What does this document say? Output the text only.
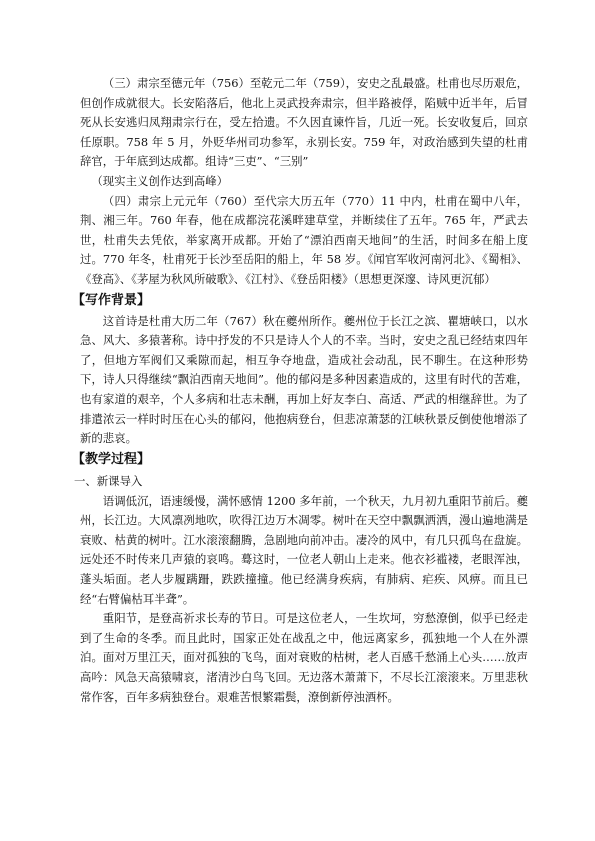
（三）肃宗至德元年（756）至乾元二年（759），安史之乱最盛。杜甫也尽历艰危，但创作成就很大。长安陷落后，他北上灵武投奔肃宗，但半路被俘，陷贼中近半年，后冒死从长安逃归凤翔肃宗行在，受左拾遗。不久因直谏忤旨，几近一死。长安收复后，回京任原职。758 年 5 月，外贬华州司功参军，永别长安。759 年，对政治感到失望的杜甫辞官，于年底到达成都。组诗“三吏”、“三别”

（现实主义创作达到高峰）

（四）肃宗上元元年（760）至代宗大历五年（770）11 中内，杜甫在蜀中八年，荆、湘三年。760 年春，他在成都浣花溪畔建草堂，并断续住了五年。765 年，严武去世，杜甫失去凭依，举家离开成都。开始了“漂泊西南天地间”的生活，时间多在船上度过。770 年冬，杜甫死于长沙至岳阳的船上，年 58 岁。《闻官军收河南河北》、《蜀相》、《登高》、《茅屋为秋风所破歌》、《江村》、《登岳阳楼》（思想更深邃、诗风更沉郁）

【写作背景】

这首诗是杜甫大历二年（767）秋在夔州所作。夔州位于长江之滨、瞿塘峡口，以水急、风大、多猿著称。诗中抒发的不只是诗人个人的不幸。当时，安史之乱已经结束四年了，但地方军阀们又乘隙而起，相互争夺地盘，造成社会动乱，民不聊生。在这种形势下，诗人只得继续“飘泊西南天地间”。他的郁闷是多种因素造成的，这里有时代的苦难，也有家道的艰辛，个人多病和壮志未酬，再加上好友李白、高适、严武的相继辞世。为了排遣浓云一样时时压在心头的郁闷，他抱病登台，但悲凉萧瑟的江峡秋景反倒使他增添了新的悲哀。

【教学过程】

一、新课导入

语调低沉，语速缓慢，满怀感情 1200 多年前，一个秋天，九月初九重阳节前后。夔州，长江边。大风凛冽地吹，吹得江边万木凋零。树叶在天空中飘飘洒洒，漫山遍地满是衰败、枯黄的树叶。江水滚滚翻腾，急剧地向前冲击。凄冷的风中，有几只孤鸟在盘旋。远处还不时传来几声猿的哀鸣。蓦这时，一位老人朝山上走来。他衣衫褴褛，老眼浑浊，蓬头垢面。老人步履蹒跚，跌跌撞撞。他已经满身疾病，有肺病、疟疾、风痹。而且已经“右臂偏枯耳半聋”。

重阳节，是登高祈求长寿的节日。可是这位老人，一生坎坷，穷愁潦倒，似乎已经走到了生命的冬季。而且此时，国家正处在战乱之中，他远离家乡，孤独地一个人在外漂泊。面对万里江天，面对孤独的飞鸟，面对衰败的枯树，老人百感千愁涌上心头……放声高吟：风急天高猿啸哀，渚清沙白鸟飞回。无边落木萧萧下，不尽长江滚滚来。万里悲秋常作客，百年多病独登台。艰难苦恨繁霜鬓，潦倒新停浊酒杯。
